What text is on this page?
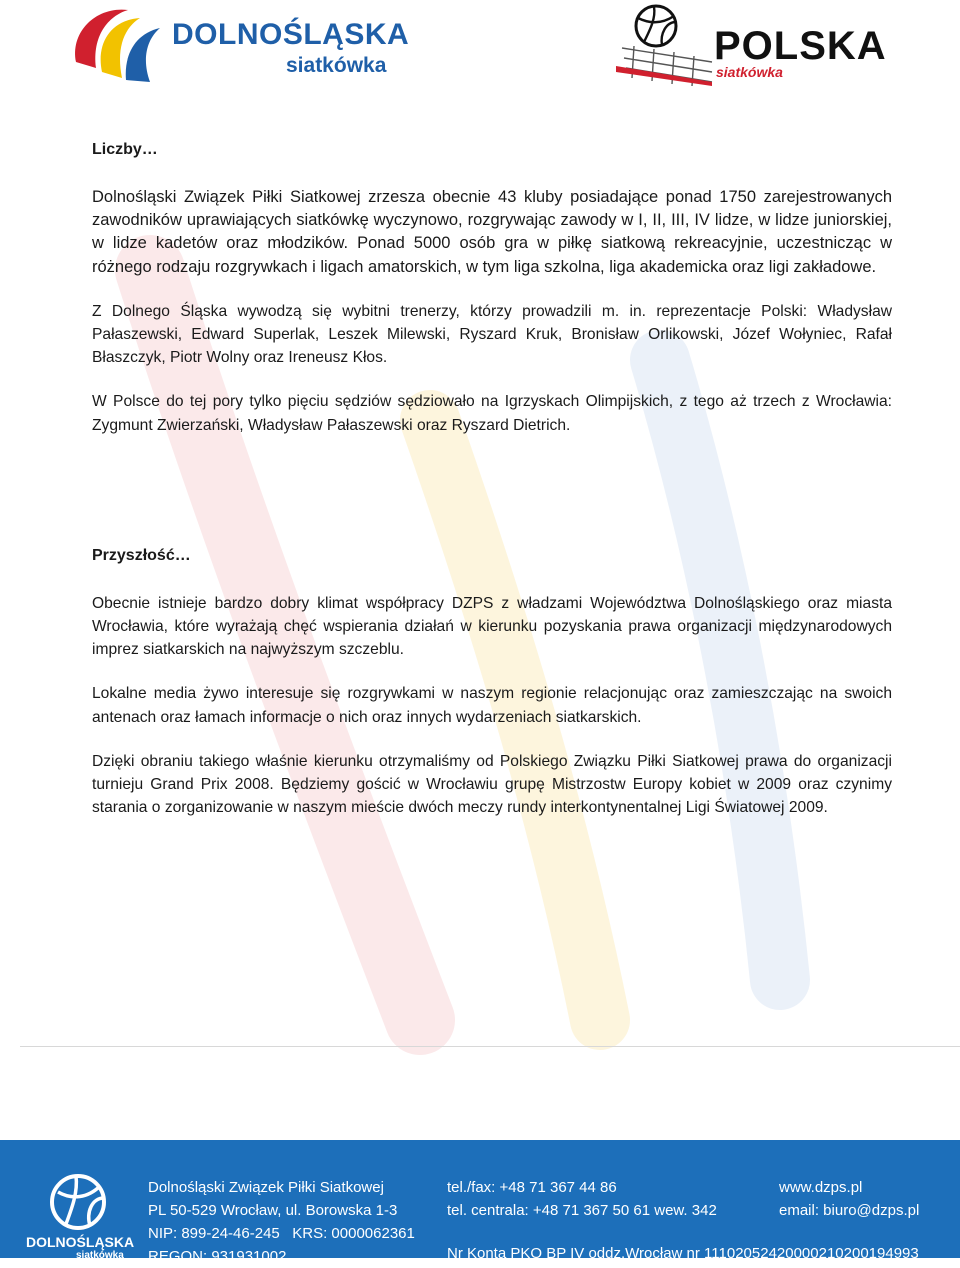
DOLNOŚLĄSKA
siatkówka	POLSKA
siatkówka
Liczby…

Dolnośląski Związek Piłki Siatkowej zrzesza obecnie 43 kluby posiadające ponad 1750 zarejestrowanych zawodników uprawiających siatkówkę wyczynowo, rozgrywając zawody w I, II, III, IV lidze, w lidze juniorskiej, w lidze kadetów oraz młodzików. Ponad 5000 osób gra w piłkę siatkową rekreacyjnie, uczestnicząc w różnego rodzaju rozgrywkach i ligach amatorskich, w tym liga szkolna, liga akademicka oraz ligi zakładowe.

Z Dolnego Śląska wywodzą się wybitni trenerzy, którzy prowadzili m. in. reprezentacje Polski: Władysław Pałaszewski, Edward Superlak, Leszek Milewski, Ryszard Kruk, Bronisław Orlikowski, Józef Wołyniec, Rafał Błaszczyk, Piotr Wolny oraz Ireneusz Kłos.

W Polsce do tej pory tylko pięciu sędziów sędziowało na Igrzyskach Olimpijskich, z tego aż trzech z Wrocławia: Zygmunt Zwierzański, Władysław Pałaszewski oraz Ryszard Dietrich.

Przyszłość…

Obecnie istnieje bardzo dobry klimat współpracy DZPS z władzami Województwa Dolnośląskiego oraz miasta Wrocławia, które wyrażają chęć wspierania działań w kierunku pozyskania prawa organizacji międzynarodowych imprez siatkarskich na najwyższym szczeblu.

Lokalne media żywo interesuje się rozgrywkami w naszym regionie relacjonując oraz zamieszczając na swoich antenach oraz łamach informacje o nich oraz innych wydarzeniach siatkarskich.

Dzięki obraniu takiego właśnie kierunku otrzymaliśmy od Polskiego Związku Piłki Siatkowej prawa do organizacji turnieju Grand Prix 2008. Będziemy gościć w Wrocławiu grupę Mistrzostw Europy kobiet w 2009 oraz czynimy starania o zorganizowanie w naszym mieście dwóch meczy rundy interkontynentalnej Ligi Światowej 2009.

DOLNOŚLĄSKA
siatkówka
Dolnośląski Związek Piłki Siatkowej
PL 50-529 Wrocław, ul. Borowska 1-3
NIP: 899-24-46-245   KRS: 0000062361
REGON: 931931002
tel./fax: +48 71 367 44 86
tel. centrala: +48 71 367 50 61 wew. 342
www.dzps.pl
email: biuro@dzps.pl
Nr Konta PKO BP IV oddz.Wrocław nr 11102052420000210200194993
